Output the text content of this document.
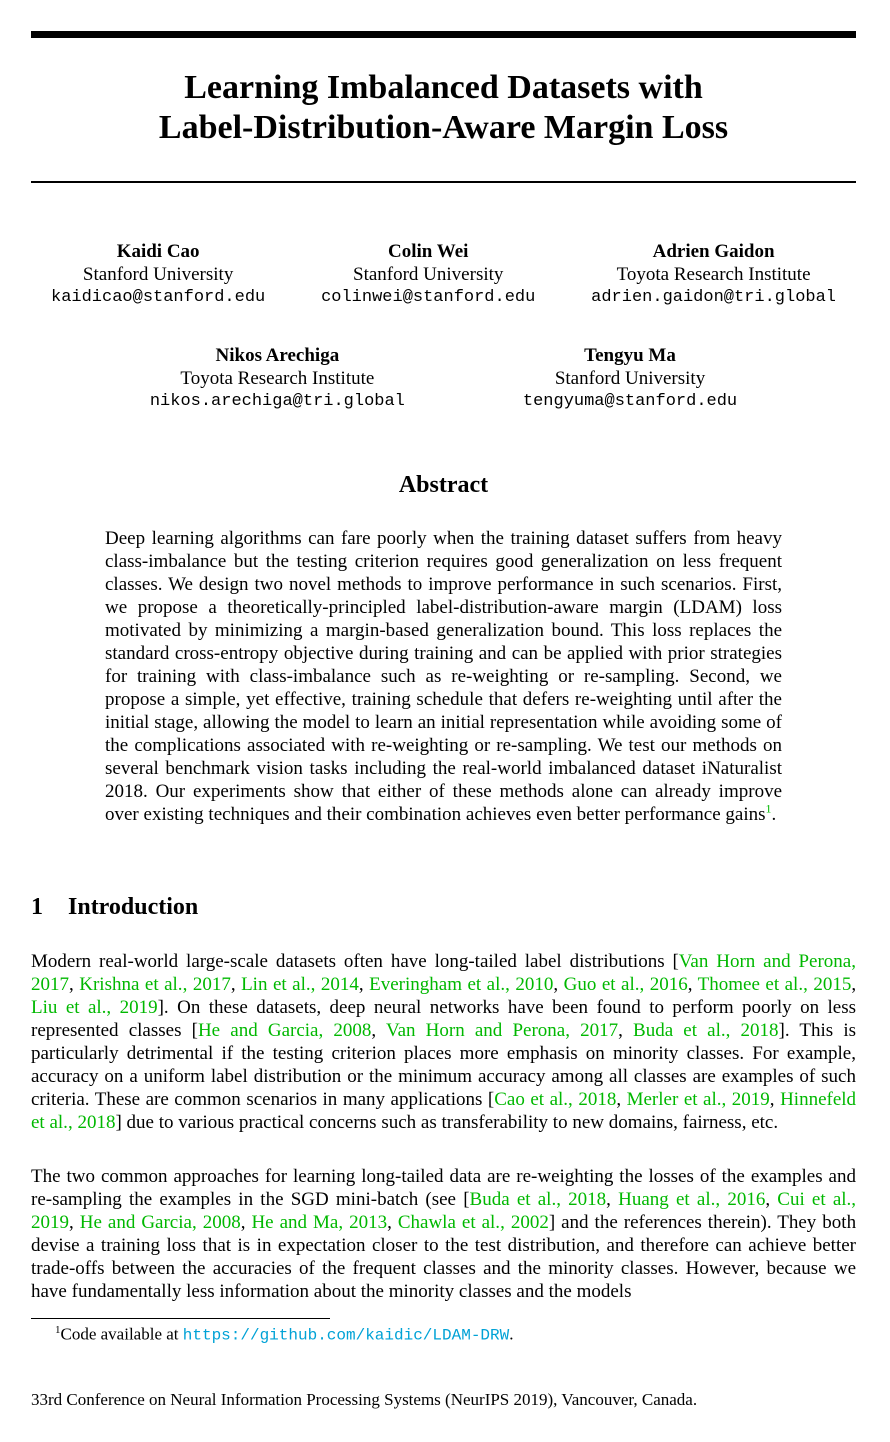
Learning Imbalanced Datasets with
Label-Distribution-Aware Margin Loss
Kaidi Cao
Stanford University
kaidicao@stanford.edu
Colin Wei
Stanford University
colinwei@stanford.edu
Adrien Gaidon
Toyota Research Institute
adrien.gaidon@tri.global
Nikos Arechiga
Toyota Research Institute
nikos.arechiga@tri.global
Tengyu Ma
Stanford University
tengyuma@stanford.edu
Abstract
Deep learning algorithms can fare poorly when the training dataset suffers from heavy class-imbalance but the testing criterion requires good generalization on less frequent classes. We design two novel methods to improve performance in such scenarios. First, we propose a theoretically-principled label-distribution-aware margin (LDAM) loss motivated by minimizing a margin-based generalization bound. This loss replaces the standard cross-entropy objective during training and can be applied with prior strategies for training with class-imbalance such as re-weighting or re-sampling. Second, we propose a simple, yet effective, training schedule that defers re-weighting until after the initial stage, allowing the model to learn an initial representation while avoiding some of the complications associated with re-weighting or re-sampling. We test our methods on several benchmark vision tasks including the real-world imbalanced dataset iNaturalist 2018. Our experiments show that either of these methods alone can already improve over existing techniques and their combination achieves even better performance gains$^1$.
1 Introduction
Modern real-world large-scale datasets often have long-tailed label distributions [Van Horn and Perona, 2017, Krishna et al., 2017, Lin et al., 2014, Everingham et al., 2010, Guo et al., 2016, Thomee et al., 2015, Liu et al., 2019]. On these datasets, deep neural networks have been found to perform poorly on less represented classes [He and Garcia, 2008, Van Horn and Perona, 2017, Buda et al., 2018]. This is particularly detrimental if the testing criterion places more emphasis on minority classes. For example, accuracy on a uniform label distribution or the minimum accuracy among all classes are examples of such criteria. These are common scenarios in many applications [Cao et al., 2018, Merler et al., 2019, Hinnefeld et al., 2018] due to various practical concerns such as transferability to new domains, fairness, etc.
The two common approaches for learning long-tailed data are re-weighting the losses of the examples and re-sampling the examples in the SGD mini-batch (see [Buda et al., 2018, Huang et al., 2016, Cui et al., 2019, He and Garcia, 2008, He and Ma, 2013, Chawla et al., 2002] and the references therein). They both devise a training loss that is in expectation closer to the test distribution, and therefore can achieve better trade-offs between the accuracies of the frequent classes and the minority classes. However, because we have fundamentally less information about the minority classes and the models
$^1$Code available at https://github.com/kaidic/LDAM-DRW.
33rd Conference on Neural Information Processing Systems (NeurIPS 2019), Vancouver, Canada.
